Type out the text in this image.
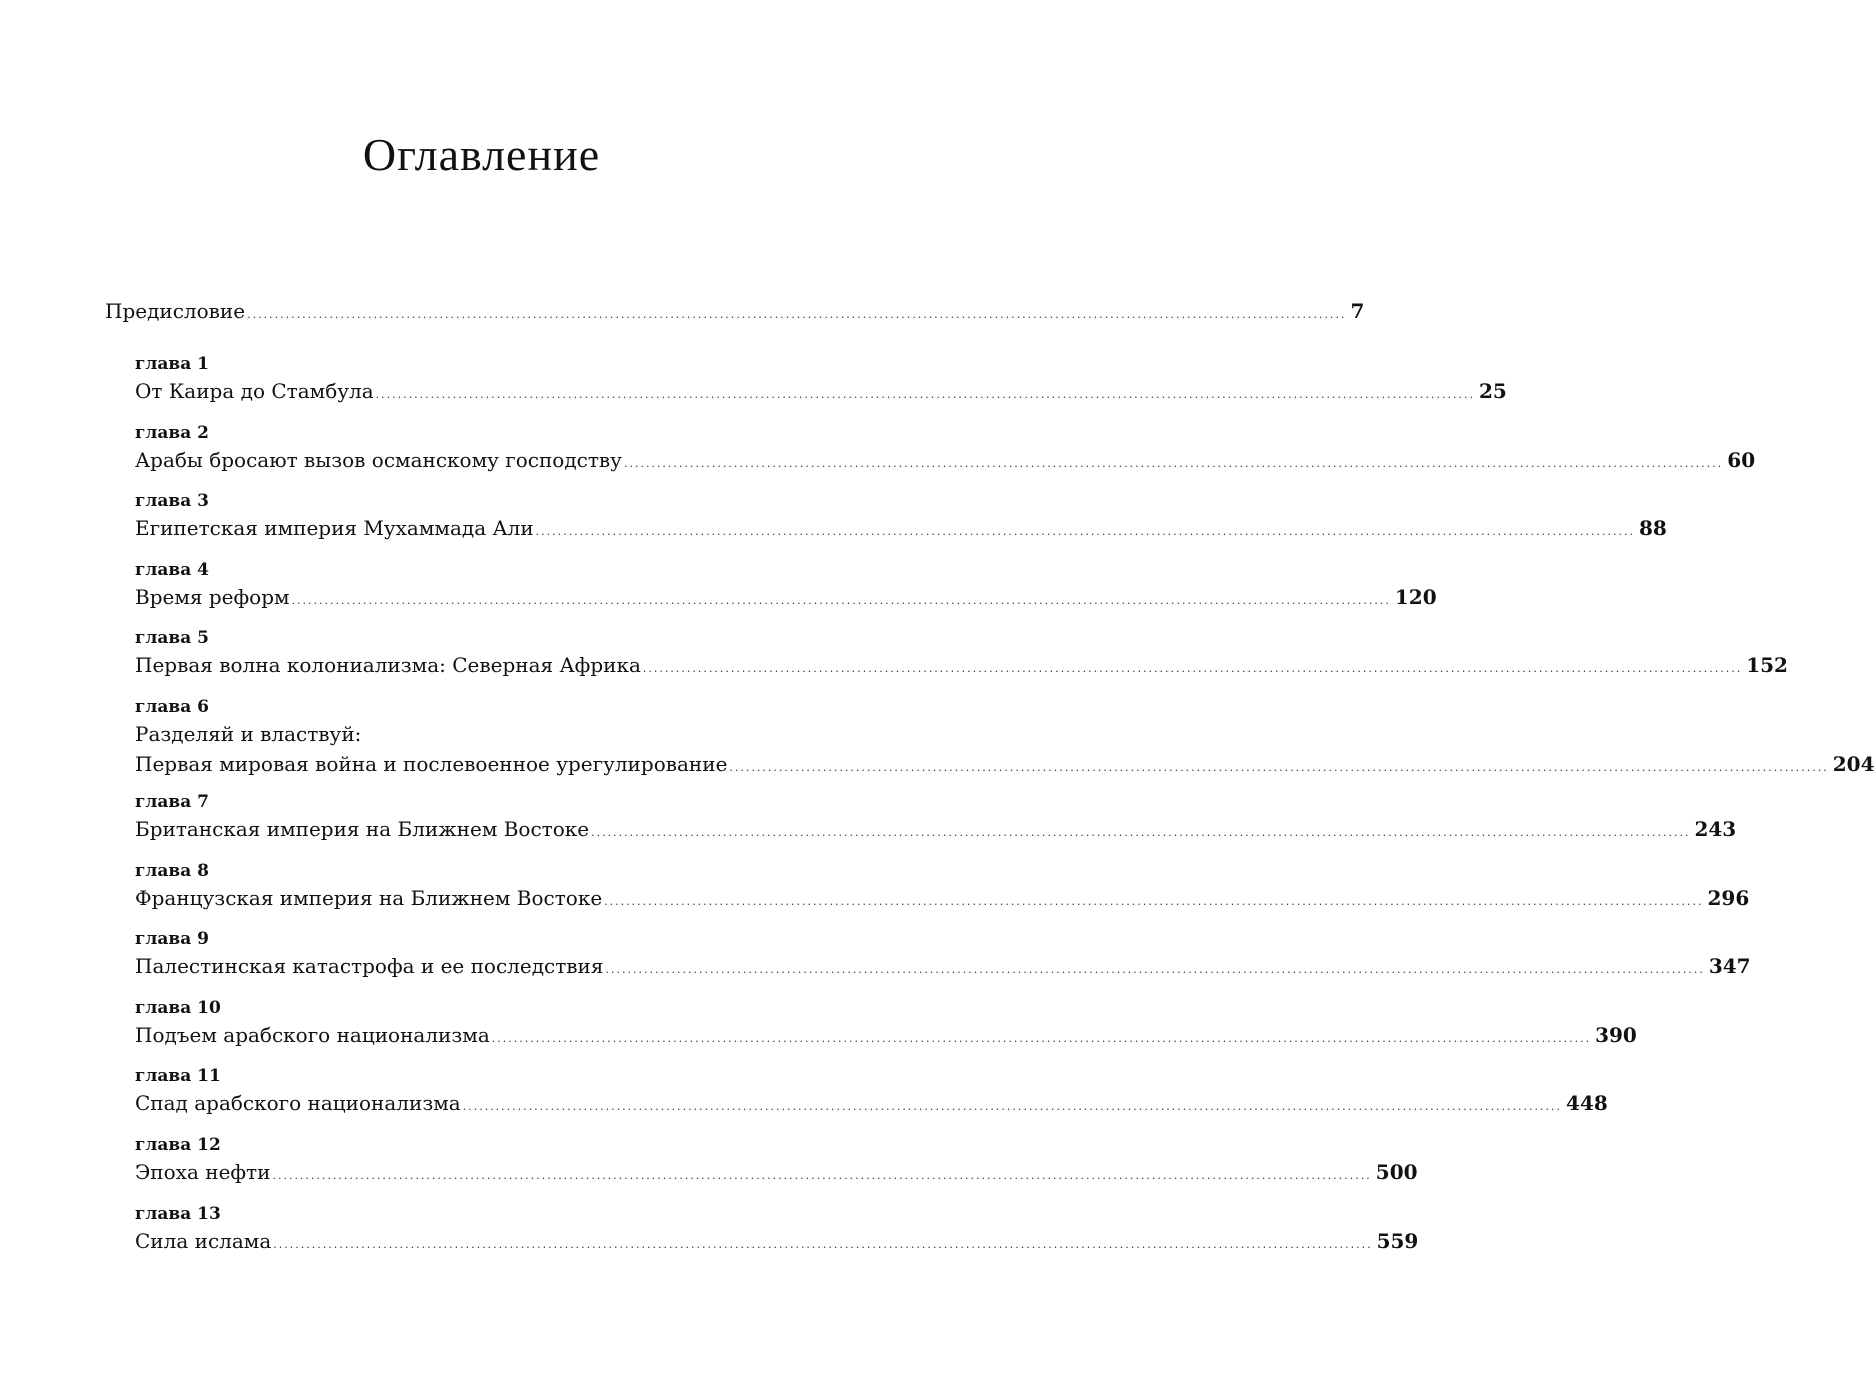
Оглавление
Предисловие ........................................................................................................................................................................................................ 7
глава 1
От Каира до Стамбула ........................................................................................................................................................................................................ 25
глава 2
Арабы бросают вызов османскому господству ........................................................................................................................................................................................................ 60
глава 3
Египетская империя Мухаммада Али ........................................................................................................................................................................................................ 88
глава 4
Время реформ ........................................................................................................................................................................................................ 120
глава 5
Первая волна колониализма: Северная Африка ........................................................................................................................................................................................................ 152
глава 6
Разделяй и властвуй:
Первая мировая война и послевоенное урегулирование ........................................................................................................................................................................................................ 204
глава 7
Британская империя на Ближнем Востоке ........................................................................................................................................................................................................ 243
глава 8
Французская империя на Ближнем Востоке ........................................................................................................................................................................................................ 296
глава 9
Палестинская катастрофа и ее последствия ........................................................................................................................................................................................................ 347
глава 10
Подъем арабского национализма ........................................................................................................................................................................................................ 390
глава 11
Спад арабского национализма ........................................................................................................................................................................................................ 448
глава 12
Эпоха нефти ........................................................................................................................................................................................................ 500
глава 13
Сила ислама ........................................................................................................................................................................................................ 559
